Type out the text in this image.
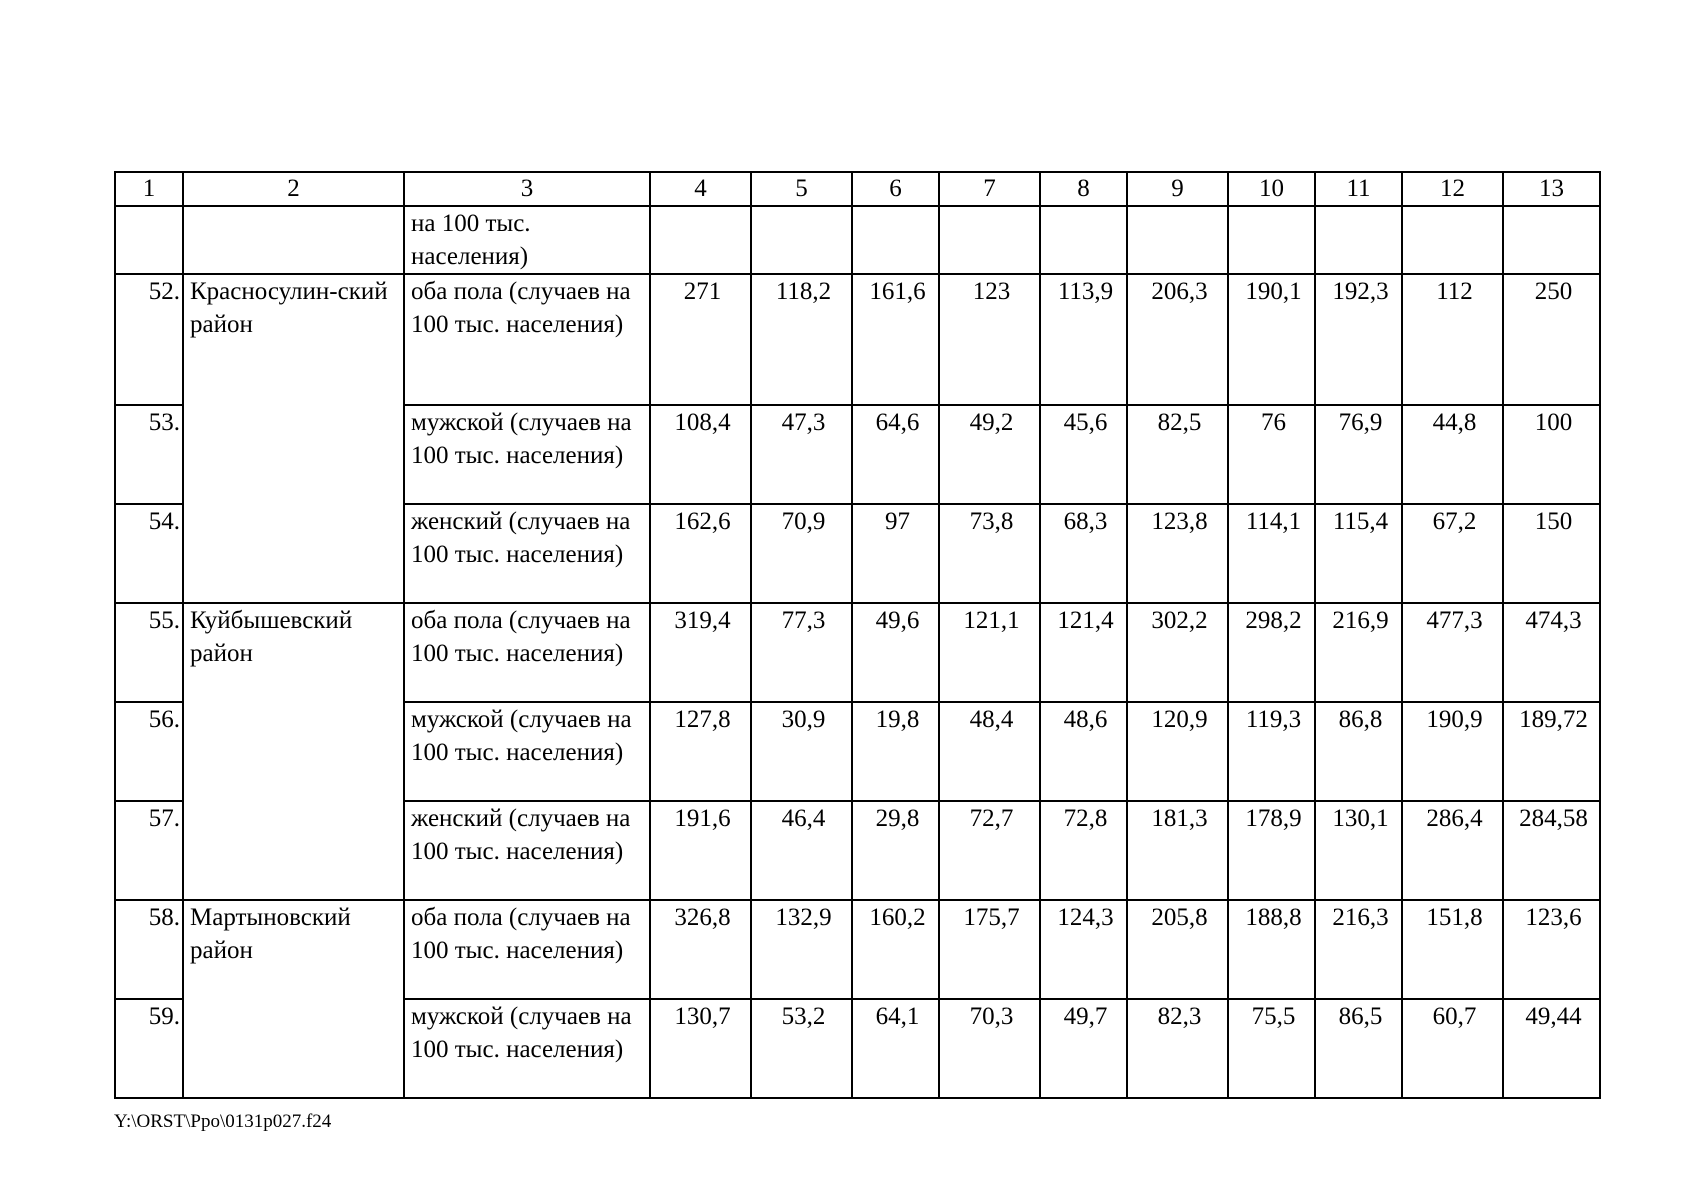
1	2	3	4	5	6	7	8	9	10	11	12	13
		на 100 тыс. населения)										
52.	Красносулин-ский район	оба пола (случаев на 100 тыс. населения)	271	118,2	161,6	123	113,9	206,3	190,1	192,3	112	250
53.		мужской (случаев на 100 тыс. населения)	108,4	47,3	64,6	49,2	45,6	82,5	76	76,9	44,8	100
54.		женский (случаев на 100 тыс. населения)	162,6	70,9	97	73,8	68,3	123,8	114,1	115,4	67,2	150
55.	Куйбышевский район	оба пола (случаев на 100 тыс. населения)	319,4	77,3	49,6	121,1	121,4	302,2	298,2	216,9	477,3	474,3
56.		мужской (случаев на 100 тыс. населения)	127,8	30,9	19,8	48,4	48,6	120,9	119,3	86,8	190,9	189,72
57.		женский (случаев на 100 тыс. населения)	191,6	46,4	29,8	72,7	72,8	181,3	178,9	130,1	286,4	284,58
58.	Мартыновский район	оба пола (случаев на 100 тыс. населения)	326,8	132,9	160,2	175,7	124,3	205,8	188,8	216,3	151,8	123,6
59.		мужской (случаев на 100 тыс. населения)	130,7	53,2	64,1	70,3	49,7	82,3	75,5	86,5	60,7	49,44
Y:\ORST\Ppo\0131p027.f24
